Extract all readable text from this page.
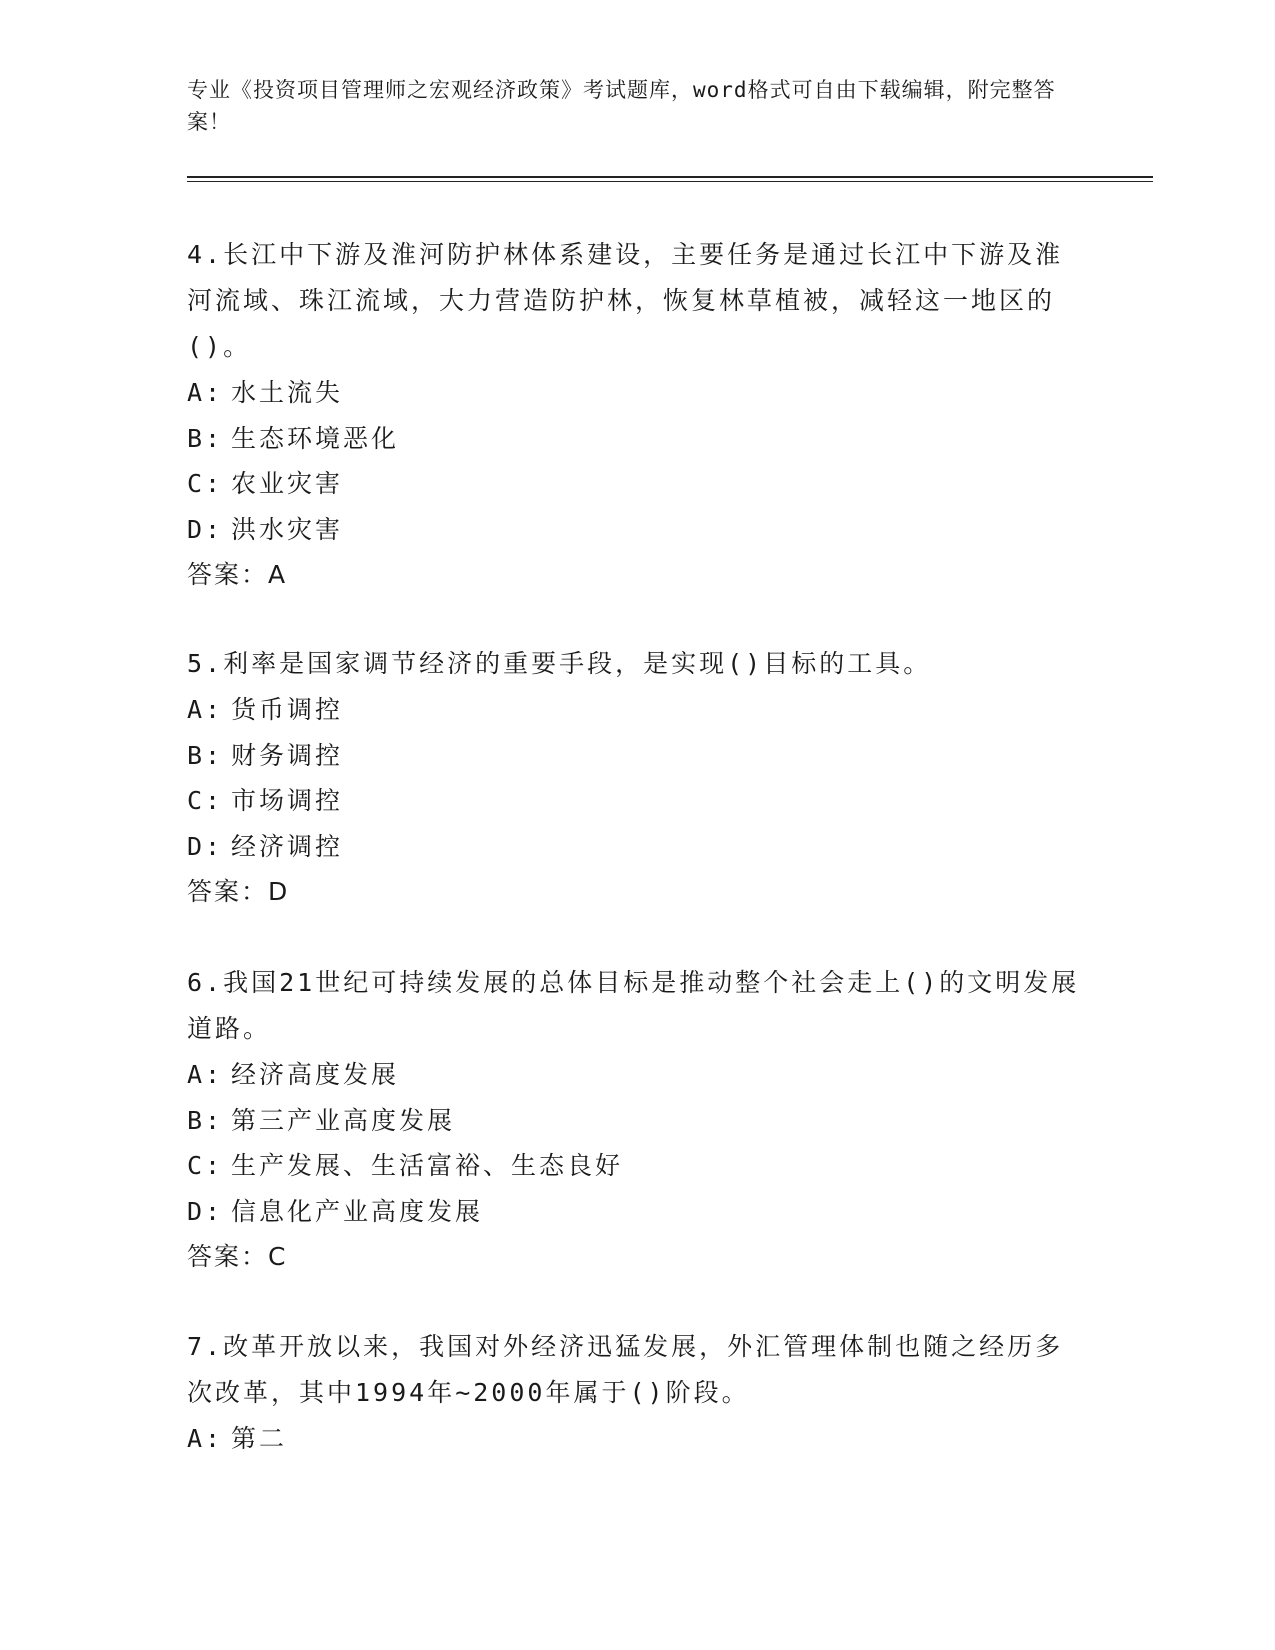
专业《投资项目管理师之宏观经济政策》考试题库，word格式可自由下载编辑，附完整答案！

4.长江中下游及淮河防护林体系建设，主要任务是通过长江中下游及淮河流域、珠江流域，大力营造防护林，恢复林草植被，减轻这一地区的()。

A: 水土流失

B: 生态环境恶化

C: 农业灾害

D: 洪水灾害

答案：A

5.利率是国家调节经济的重要手段，是实现()目标的工具。

A: 货币调控

B: 财务调控

C: 市场调控

D: 经济调控

答案：D

6.我国21世纪可持续发展的总体目标是推动整个社会走上()的文明发展道路。

A: 经济高度发展

B: 第三产业高度发展

C: 生产发展、生活富裕、生态良好

D: 信息化产业高度发展

答案：C

7.改革开放以来，我国对外经济迅猛发展，外汇管理体制也随之经历多次改革，其中1994年~2000年属于()阶段。

A: 第二
